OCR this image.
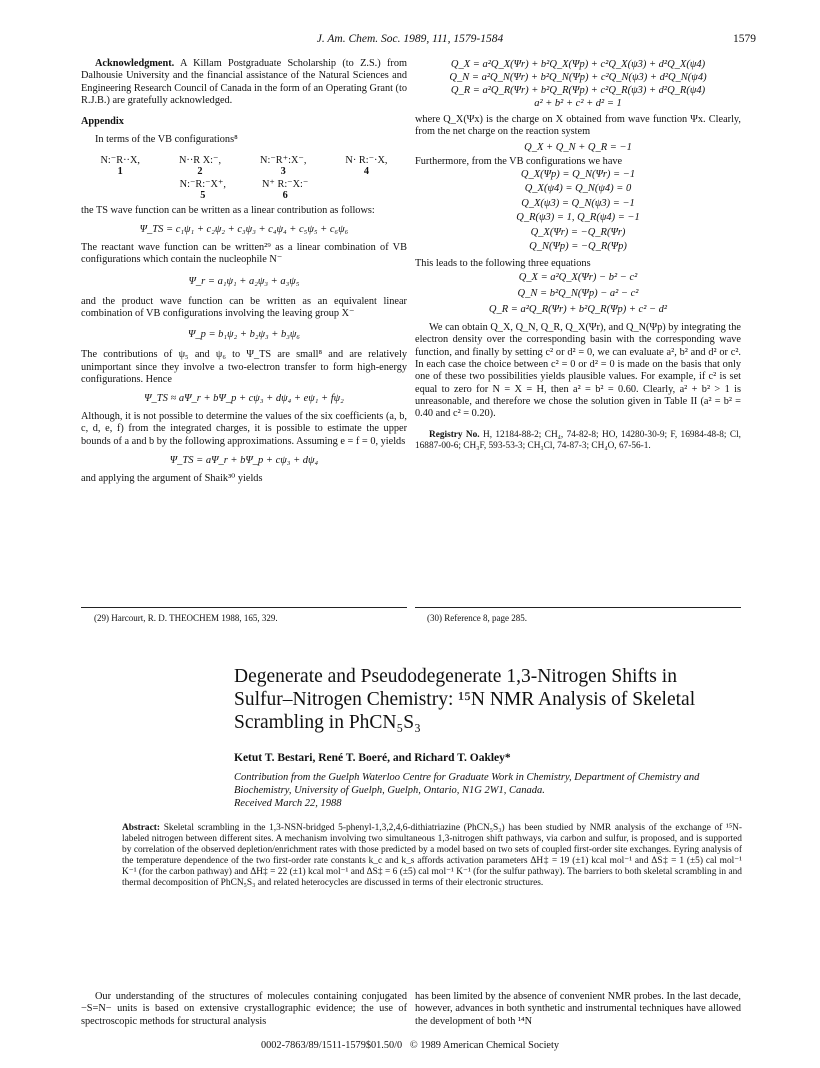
J. Am. Chem. Soc. 1989, 111, 1579-1584	1579

Acknowledgment. A Killam Postgraduate Scholarship (to Z.S.) from Dalhousie University and the financial assistance of the Natural Sciences and Engineering Research Council of Canada in the form of an Operating Grant (to R.J.B.) are gratefully acknowledged.

Appendix

In terms of the VB configurations⁸

N:⁻R··X,
1
N··R X:⁻,
2
N:⁻R⁺:X⁻,
3
N· R:⁻·X,
4
N:⁻R:⁻X⁺,
5
N⁺ R:⁻X:⁻
6

the TS wave function can be written as a linear contribution as follows:

Ψ_TS = c₁ψ₁ + c₂ψ₂ + c₃ψ₃ + c₄ψ₄ + c₅ψ₅ + c₆ψ₆

The reactant wave function can be written²⁹ as a linear combination of VB configurations which contain the nucleophile N⁻

Ψ_r = a₁ψ₁ + a₂ψ₃ + a₃ψ₅

and the product wave function can be written as an equivalent linear combination of VB configurations involving the leaving group X⁻

Ψ_p = b₁ψ₂ + b₂ψ₃ + b₃ψ₆

The contributions of ψ₅ and ψ₆ to Ψ_TS are small⁸ and are relatively unimportant since they involve a two-electron transfer to form high-energy configurations. Hence

Ψ_TS ≈ aΨ_r + bΨ_p + cψ₃ + dψ₄ + eψ₁ + fψ₂

Although, it is not possible to determine the values of the six coefficients (a, b, c, d, e, f) from the integrated charges, it is possible to estimate the upper bounds of a and b by the following approximations. Assuming e = f = 0, yields

Ψ_TS = aΨ_r + bΨ_p + cψ₃ + dψ₄

and applying the argument of Shaik³⁰ yields

Q_X = a²Q_X(Ψr) + b²Q_X(Ψp) + c²Q_X(ψ3) + d²Q_X(ψ4)
Q_N = a²Q_N(Ψr) + b²Q_N(Ψp) + c²Q_N(ψ3) + d²Q_N(ψ4)
Q_R = a²Q_R(Ψr) + b²Q_R(Ψp) + c²Q_R(ψ3) + d²Q_R(ψ4)
a² + b² + c² + d² = 1

where Q_X(Ψx) is the charge on X obtained from wave function Ψx. Clearly, from the net charge on the reaction system

Q_X + Q_N + Q_R = −1

Furthermore, from the VB configurations we have

Q_X(Ψp) = Q_N(Ψr) = −1
Q_X(ψ4) = Q_N(ψ4) = 0
Q_X(ψ3) = Q_N(ψ3) = −1
Q_R(ψ3) = 1, Q_R(ψ4) = −1
Q_X(Ψr) = −Q_R(Ψr)
Q_N(Ψp) = −Q_R(Ψp)

This leads to the following three equations

Q_X = a²Q_X(Ψr) − b² − c²
Q_N = b²Q_N(Ψp) − a² − c²
Q_R = a²Q_R(Ψr) + b²Q_R(Ψp) + c² − d²

We can obtain Q_X, Q_N, Q_R, Q_X(Ψr), and Q_N(Ψp) by integrating the electron density over the corresponding basin with the corresponding wave function, and finally by setting c² or d² = 0, we can evaluate a², b² and d² or c². In each case the choice between c² = 0 or d² = 0 is made on the basis that only one of these two possibilities yields plausible values. For example, if c² is set equal to zero for N = X = H, then a² = b² = 0.60. Clearly, a² + b² > 1 is unreasonable, and therefore we chose the solution given in Table II (a² = b² = 0.40 and c² = 0.20).

Registry No. H, 12184-88-2; CH₄, 74-82-8; HO, 14280-30-9; F, 16984-48-8; Cl, 16887-00-6; CH₃F, 593-53-3; CH₃Cl, 74-87-3; CH₄O, 67-56-1.

(29) Harcourt, R. D. THEOCHEM 1988, 165, 329.	(30) Reference 8, page 285.
Degenerate and Pseudodegenerate 1,3-Nitrogen Shifts in Sulfur–Nitrogen Chemistry: ¹⁵N NMR Analysis of Skeletal Scrambling in PhCN₅S₃
Ketut T. Bestari, René T. Boeré, and Richard T. Oakley*
Contribution from the Guelph Waterloo Centre for Graduate Work in Chemistry, Department of Chemistry and Biochemistry, University of Guelph, Guelph, Ontario, N1G 2W1, Canada.
Received March 22, 1988
Abstract: Skeletal scrambling in the 1,3-NSN-bridged 5-phenyl-1,3,2,4,6-dithiatriazine (PhCN₅S₃) has been studied by NMR analysis of the exchange of ¹⁵N-labeled nitrogen between different sites. A mechanism involving two simultaneous 1,3-nitrogen shift pathways, via carbon and sulfur, is proposed, and is supported by correlation of the observed depletion/enrichment rates with those predicted by a model based on two sets of coupled first-order site exchanges. Eyring analysis of the temperature dependence of the two first-order rate constants k_c and k_s affords activation parameters ΔH‡ = 19 (±1) kcal mol⁻¹ and ΔS‡ = 1 (±5) cal mol⁻¹ K⁻¹ (for the carbon pathway) and ΔH‡ = 22 (±1) kcal mol⁻¹ and ΔS‡ = 6 (±5) cal mol⁻¹ K⁻¹ (for the sulfur pathway). The barriers to both skeletal scrambling in and thermal decomposition of PhCN₅S₃ and related heterocycles are discussed in terms of their electronic structures.

Our understanding of the structures of molecules containing conjugated −S=N− units is based on extensive crystallographic evidence; the use of spectroscopic methods for structural analysis

has been limited by the absence of convenient NMR probes. In the last decade, however, advances in both synthetic and instrumental techniques have allowed the development of both ¹⁴N

0002-7863/89/1511-1579$01.50/0 © 1989 American Chemical Society
